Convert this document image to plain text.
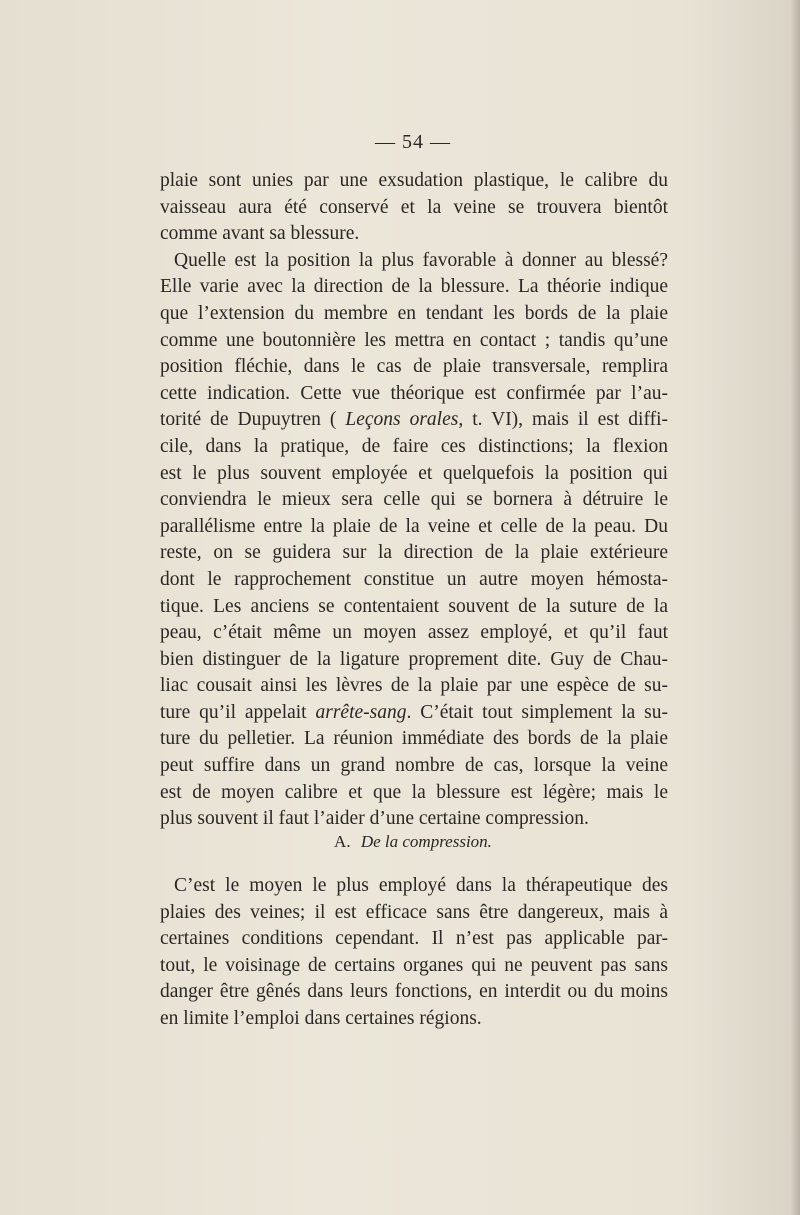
— 54 —
plaie sont unies par une exsudation plastique, le calibre du
vaisseau aura été conservé et la veine se trouvera bientôt
comme avant sa blessure.
Quelle est la position la plus favorable à donner au blessé?
Elle varie avec la direction de la blessure. La théorie indique
que l’extension du membre en tendant les bords de la plaie
comme une boutonnière les mettra en contact ; tandis qu’une
position fléchie, dans le cas de plaie transversale, remplira
cette indication. Cette vue théorique est confirmée par l’au-
torité de Dupuytren ( Leçons orales, t. VI), mais il est diffi-
cile, dans la pratique, de faire ces distinctions; la flexion
est le plus souvent employée et quelquefois la position qui
conviendra le mieux sera celle qui se bornera à détruire le
parallélisme entre la plaie de la veine et celle de la peau. Du
reste, on se guidera sur la direction de la plaie extérieure
dont le rapprochement constitue un autre moyen hémosta-
tique. Les anciens se contentaient souvent de la suture de la
peau, c’était même un moyen assez employé, et qu’il faut
bien distinguer de la ligature proprement dite. Guy de Chau-
liac cousait ainsi les lèvres de la plaie par une espèce de su-
ture qu’il appelait arrête-sang. C’était tout simplement la su-
ture du pelletier. La réunion immédiate des bords de la plaie
peut suffire dans un grand nombre de cas, lorsque la veine
est de moyen calibre et que la blessure est légère; mais le
plus souvent il faut l’aider d’une certaine compression.
A. De la compression.
C’est le moyen le plus employé dans la thérapeutique des
plaies des veines; il est efficace sans être dangereux, mais à
certaines conditions cependant. Il n’est pas applicable par-
tout, le voisinage de certains organes qui ne peuvent pas sans
danger être gênés dans leurs fonctions, en interdit ou du moins
en limite l’emploi dans certaines régions.
